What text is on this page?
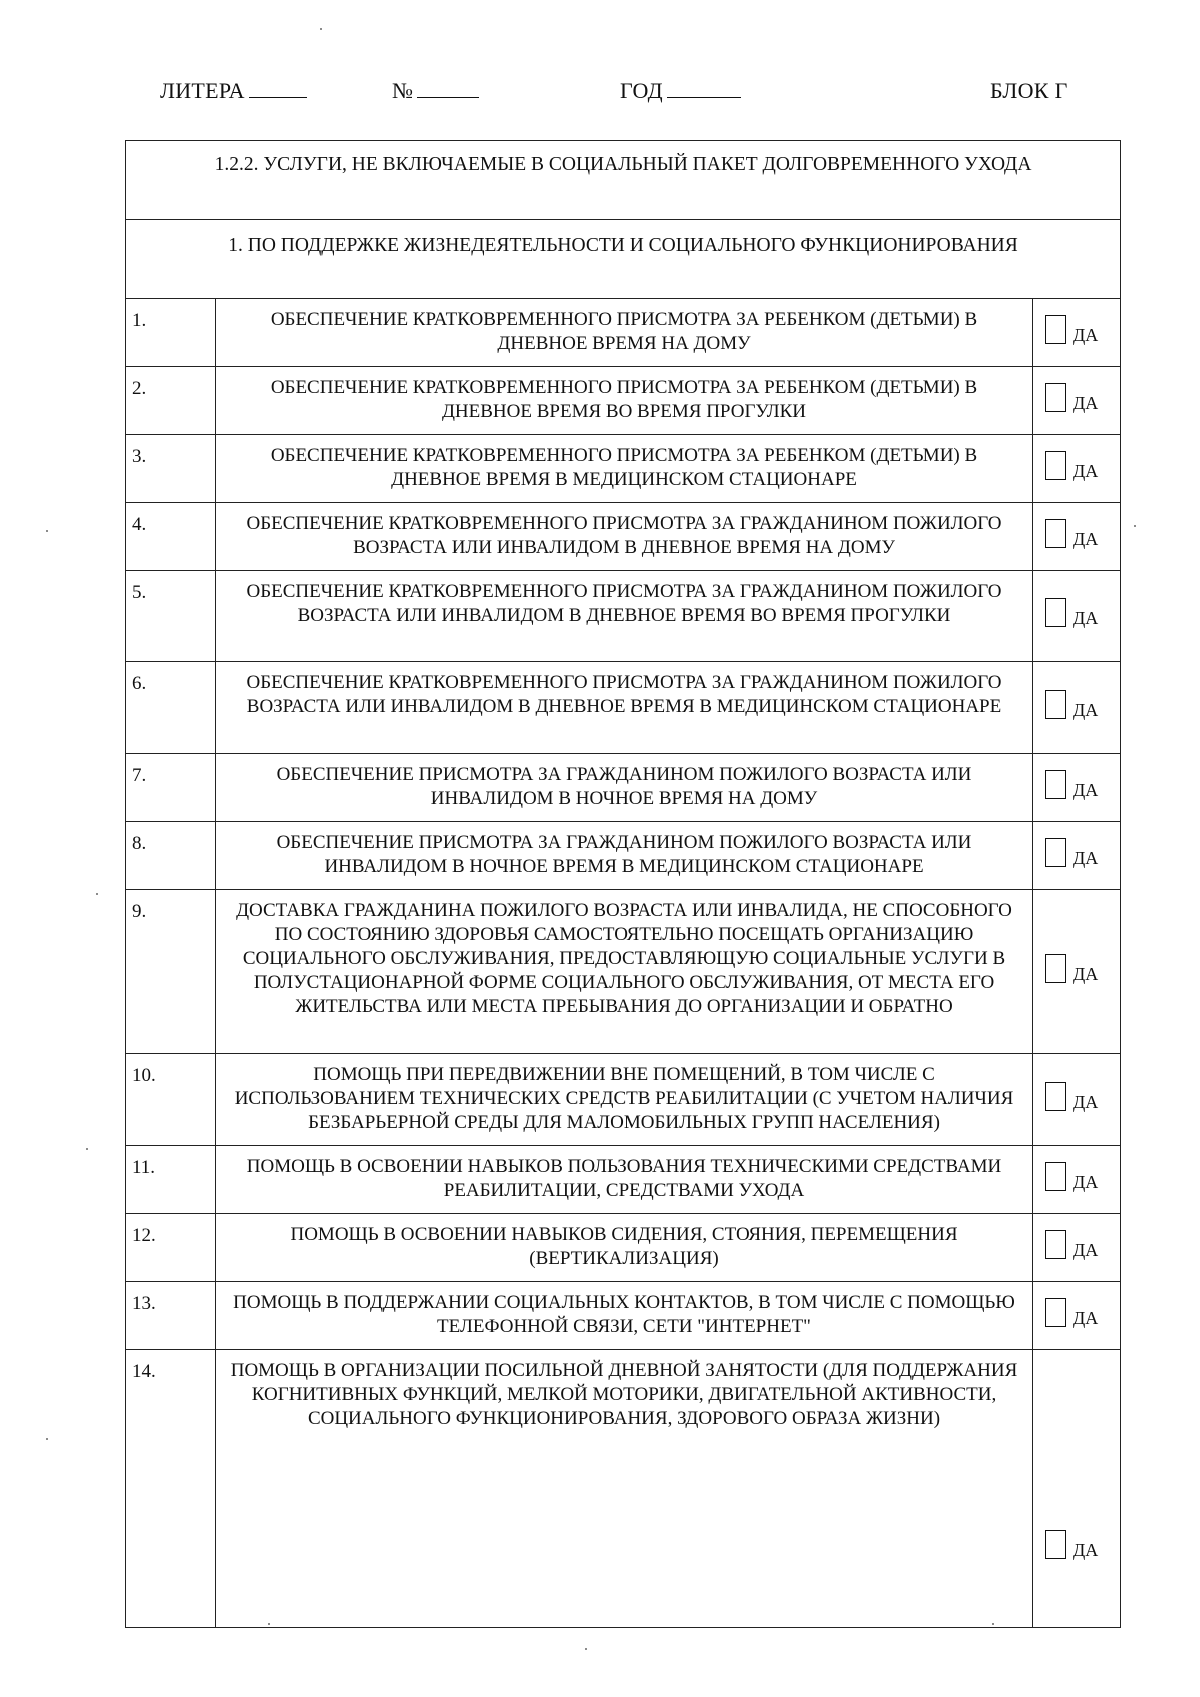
ЛИТЕРА	№	ГОД	БЛОК Г
1.2.2. УСЛУГИ, НЕ ВКЛЮЧАЕМЫЕ В СОЦИАЛЬНЫЙ ПАКЕТ ДОЛГОВРЕМЕННОГО УХОДА		
1. ПО ПОДДЕРЖКЕ ЖИЗНЕДЕЯТЕЛЬНОСТИ И СОЦИАЛЬНОГО ФУНКЦИОНИРОВАНИЯ		
1.	ОБЕСПЕЧЕНИЕ КРАТКОВРЕМЕННОГО ПРИСМОТРА ЗА РЕБЕНКОМ (ДЕТЬМИ) В ДНЕВНОЕ ВРЕМЯ НА ДОМУ	ДА

2.	ОБЕСПЕЧЕНИЕ КРАТКОВРЕМЕННОГО ПРИСМОТРА ЗА РЕБЕНКОМ (ДЕТЬМИ) В ДНЕВНОЕ ВРЕМЯ ВО ВРЕМЯ ПРОГУЛКИ	ДА

3.	ОБЕСПЕЧЕНИЕ КРАТКОВРЕМЕННОГО ПРИСМОТРА ЗА РЕБЕНКОМ (ДЕТЬМИ) В ДНЕВНОЕ ВРЕМЯ В МЕДИЦИНСКОМ СТАЦИОНАРЕ	ДА

4.	ОБЕСПЕЧЕНИЕ КРАТКОВРЕМЕННОГО ПРИСМОТРА ЗА ГРАЖДАНИНОМ ПОЖИЛОГО ВОЗРАСТА ИЛИ ИНВАЛИДОМ В ДНЕВНОЕ ВРЕМЯ НА ДОМУ	ДА

5.	ОБЕСПЕЧЕНИЕ КРАТКОВРЕМЕННОГО ПРИСМОТРА ЗА ГРАЖДАНИНОМ ПОЖИЛОГО ВОЗРАСТА ИЛИ ИНВАЛИДОМ В ДНЕВНОЕ ВРЕМЯ ВО ВРЕМЯ ПРОГУЛКИ	ДА

6.	ОБЕСПЕЧЕНИЕ КРАТКОВРЕМЕННОГО ПРИСМОТРА ЗА ГРАЖДАНИНОМ ПОЖИЛОГО ВОЗРАСТА ИЛИ ИНВАЛИДОМ В ДНЕВНОЕ ВРЕМЯ В МЕДИЦИНСКОМ СТАЦИОНАРЕ	ДА

7.	ОБЕСПЕЧЕНИЕ ПРИСМОТРА ЗА ГРАЖДАНИНОМ ПОЖИЛОГО ВОЗРАСТА ИЛИ ИНВАЛИДОМ В НОЧНОЕ ВРЕМЯ НА ДОМУ	ДА

8.	ОБЕСПЕЧЕНИЕ ПРИСМОТРА ЗА ГРАЖДАНИНОМ ПОЖИЛОГО ВОЗРАСТА ИЛИ ИНВАЛИДОМ В НОЧНОЕ ВРЕМЯ В МЕДИЦИНСКОМ СТАЦИОНАРЕ	ДА

9.	ДОСТАВКА ГРАЖДАНИНА ПОЖИЛОГО ВОЗРАСТА ИЛИ ИНВАЛИДА, НЕ СПОСОБНОГО ПО СОСТОЯНИЮ ЗДОРОВЬЯ САМОСТОЯТЕЛЬНО ПОСЕЩАТЬ ОРГАНИЗАЦИЮ СОЦИАЛЬНОГО ОБСЛУЖИВАНИЯ, ПРЕДОСТАВЛЯЮЩУЮ СОЦИАЛЬНЫЕ УСЛУГИ В ПОЛУСТАЦИОНАРНОЙ ФОРМЕ СОЦИАЛЬНОГО ОБСЛУЖИВАНИЯ, ОТ МЕСТА ЕГО ЖИТЕЛЬСТВА ИЛИ МЕСТА ПРЕБЫВАНИЯ ДО ОРГАНИЗАЦИИ И ОБРАТНО	ДА

10.	ПОМОЩЬ ПРИ ПЕРЕДВИЖЕНИИ ВНЕ ПОМЕЩЕНИЙ, В ТОМ ЧИСЛЕ С ИСПОЛЬЗОВАНИЕМ ТЕХНИЧЕСКИХ СРЕДСТВ РЕАБИЛИТАЦИИ (С УЧЕТОМ НАЛИЧИЯ БЕЗБАРЬЕРНОЙ СРЕДЫ ДЛЯ МАЛОМОБИЛЬНЫХ ГРУПП НАСЕЛЕНИЯ)	ДА

11.	ПОМОЩЬ В ОСВОЕНИИ НАВЫКОВ ПОЛЬЗОВАНИЯ ТЕХНИЧЕСКИМИ СРЕДСТВАМИ РЕАБИЛИТАЦИИ, СРЕДСТВАМИ УХОДА	ДА

12.	ПОМОЩЬ В ОСВОЕНИИ НАВЫКОВ СИДЕНИЯ, СТОЯНИЯ, ПЕРЕМЕЩЕНИЯ (ВЕРТИКАЛИЗАЦИЯ)	ДА

13.	ПОМОЩЬ В ПОДДЕРЖАНИИ СОЦИАЛЬНЫХ КОНТАКТОВ, В ТОМ ЧИСЛЕ С ПОМОЩЬЮ ТЕЛЕФОННОЙ СВЯЗИ, СЕТИ "ИНТЕРНЕТ"	ДА

14.	ПОМОЩЬ В ОРГАНИЗАЦИИ ПОСИЛЬНОЙ ДНЕВНОЙ ЗАНЯТОСТИ (ДЛЯ ПОДДЕРЖАНИЯ КОГНИТИВНЫХ ФУНКЦИЙ, МЕЛКОЙ МОТОРИКИ, ДВИГАТЕЛЬНОЙ АКТИВНОСТИ, СОЦИАЛЬНОГО ФУНКЦИОНИРОВАНИЯ, ЗДОРОВОГО ОБРАЗА ЖИЗНИ)	ДА
